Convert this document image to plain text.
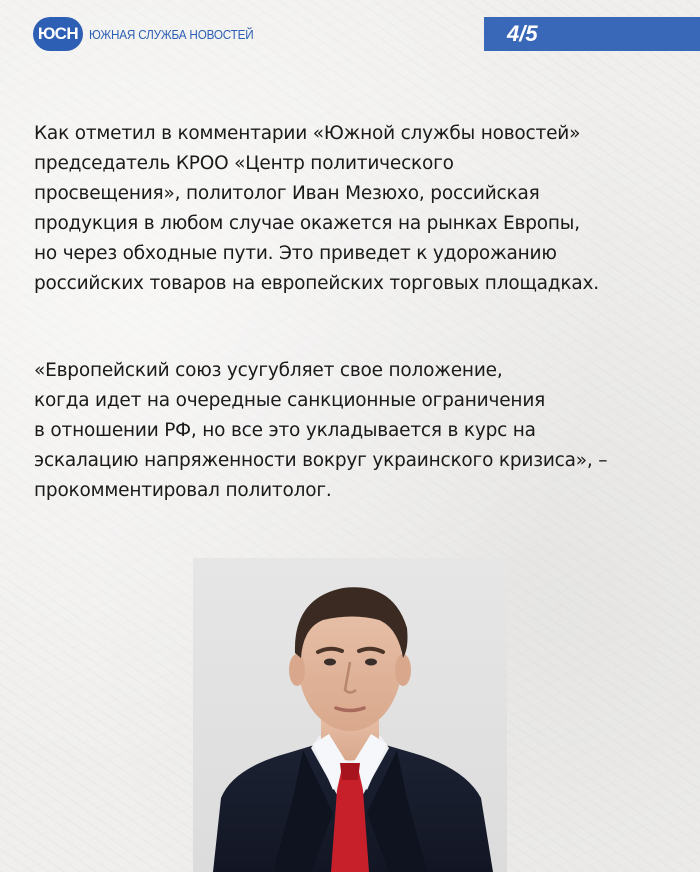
ЮСН ЮЖНАЯ СЛУЖБА НОВОСТЕЙ	4/5
Как отметил в комментарии «Южной службы новостей»
председатель КРОО «Центр политического
просвещения», политолог Иван Мезюхо, российская
продукция в любом случае окажется на рынках Европы,
но через обходные пути. Это приведет к удорожанию
российских товаров на европейских торговых площадках.
«Европейский союз усугубляет свое положение,
когда идет на очередные санкционные ограничения
в отношении РФ, но все это укладывается в курс на
эскалацию напряженности вокруг украинского кризиса», –
прокомментировал политолог.
